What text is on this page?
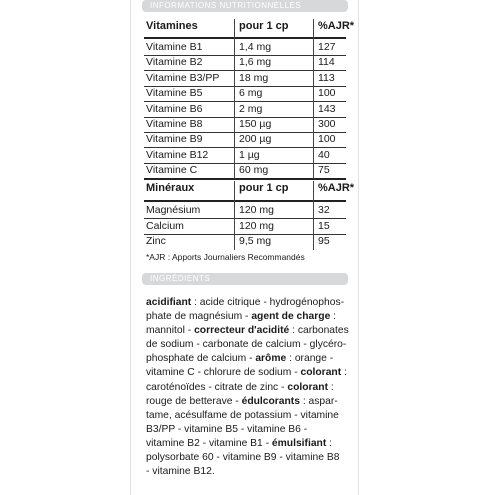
INFORMATIONS NUTRITIONNELLES
Vitamines	pour 1 cp	%AJR*
Minéraux	pour 1 cp	%AJR*
*AJR : Apports Journaliers Recommandés
INGRÉDIENTS
acidifiant : acide citrique - hydrogénophos-
phate de magnésium - agent de charge :
mannitol - correcteur d'acidité : carbonates
de sodium - carbonate de calcium - glycéro-
phosphate de calcium - arôme : orange -
vitamine C - chlorure de sodium - colorant :
caroténoïdes - citrate de zinc - colorant :
rouge de betterave - édulcorants : aspar-
tame, acésulfame de potassium - vitamine
B3/PP - vitamine B5 - vitamine B6 -
vitamine B2 - vitamine B1 - émulsifiant :
polysorbate 60 - vitamine B9 - vitamine B8
- vitamine B12.
Vitamine B1	1,4 mg	127
Vitamine B2	1,6 mg	114
Vitamine B3/PP 18 mg	113
Vitamine B5	6 mg	100
Vitamine B6	2 mg	143
Vitamine B8	150 µg	300
Vitamine B9	200 µg	100
Vitamine B12	1 µg	40
Vitamine C	60 mg	75
Magnésium	120 mg	32
Calcium	120 mg	15
Zinc	9,5 mg	95
